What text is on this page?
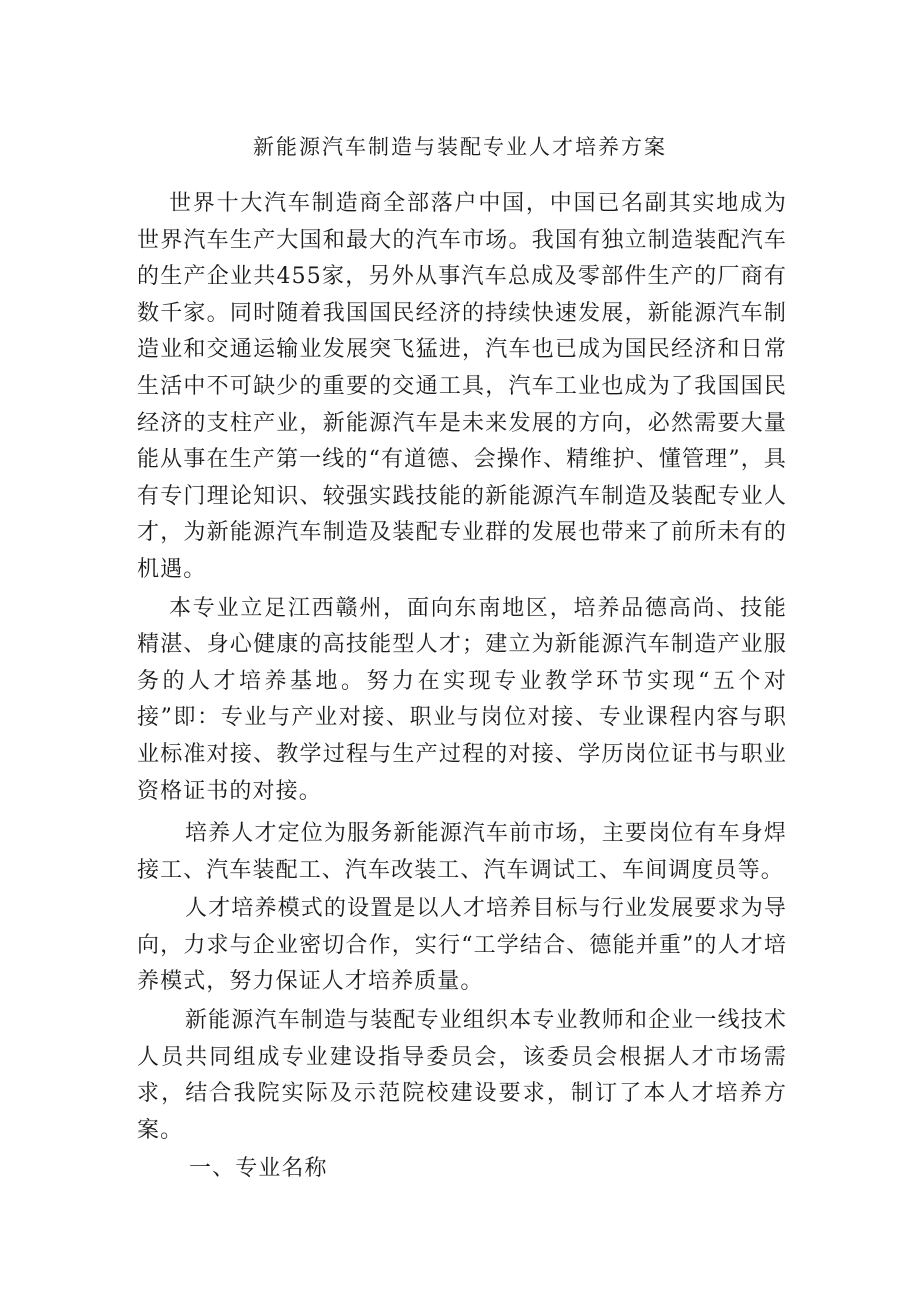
新能源汽车制造与装配专业人才培养方案

世界十大汽车制造商全部落户中国，中国已名副其实地成为世界汽车生产大国和最大的汽车市场。我国有独立制造装配汽车的生产企业共455家，另外从事汽车总成及零部件生产的厂商有数千家。同时随着我国国民经济的持续快速发展，新能源汽车制造业和交通运输业发展突飞猛进，汽车也已成为国民经济和日常生活中不可缺少的重要的交通工具，汽车工业也成为了我国国民经济的支柱产业，新能源汽车是未来发展的方向，必然需要大量能从事在生产第一线的“有道德、会操作、精维护、懂管理”，具有专门理论知识、较强实践技能的新能源汽车制造及装配专业人才，为新能源汽车制造及装配专业群的发展也带来了前所未有的机遇。

本专业立足江西赣州，面向东南地区，培养品德高尚、技能精湛、身心健康的高技能型人才；建立为新能源汽车制造产业服务的人才培养基地。努力在实现专业教学环节实现“五个对接”即：专业与产业对接、职业与岗位对接、专业课程内容与职业标准对接、教学过程与生产过程的对接、学历岗位证书与职业资格证书的对接。

培养人才定位为服务新能源汽车前市场，主要岗位有车身焊接工、汽车装配工、汽车改装工、汽车调试工、车间调度员等。

人才培养模式的设置是以人才培养目标与行业发展要求为导向，力求与企业密切合作，实行“工学结合、德能并重”的人才培养模式，努力保证人才培养质量。

新能源汽车制造与装配专业组织本专业教师和企业一线技术人员共同组成专业建设指导委员会，该委员会根据人才市场需求，结合我院实际及示范院校建设要求，制订了本人才培养方案。

一、专业名称
